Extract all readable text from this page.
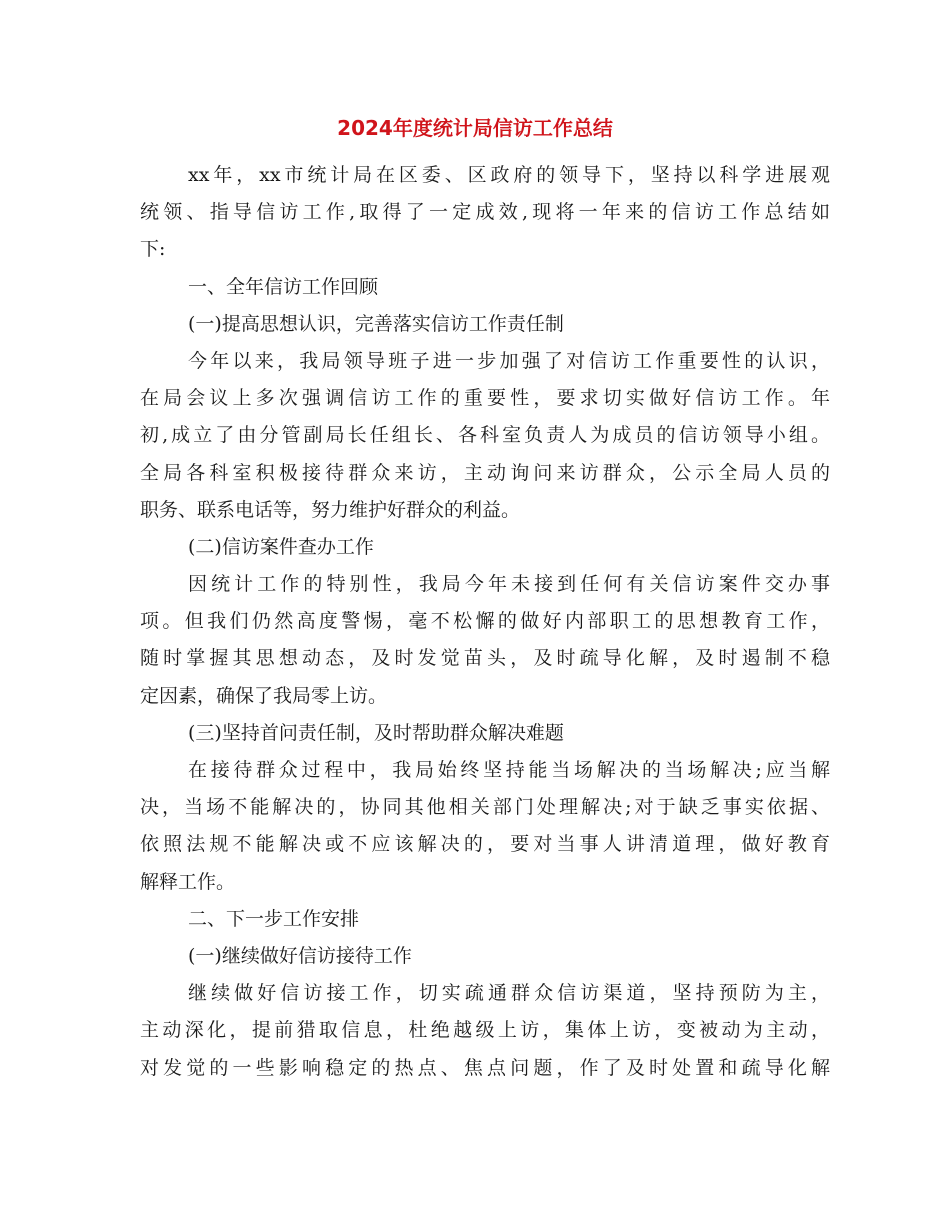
2024年度统计局信访工作总结
xx年，xx市统计局在区委、区政府的领导下，坚持以科学进展观
统领、指导信访工作,取得了一定成效,现将一年来的信访工作总结如
下:
一、全年信访工作回顾
(一)提高思想认识，完善落实信访工作责任制
今年以来，我局领导班子进一步加强了对信访工作重要性的认识，
在局会议上多次强调信访工作的重要性，要求切实做好信访工作。年
初,成立了由分管副局长任组长、各科室负责人为成员的信访领导小组。
全局各科室积极接待群众来访，主动询问来访群众，公示全局人员的
职务、联系电话等，努力维护好群众的利益。
(二)信访案件查办工作
因统计工作的特别性，我局今年未接到任何有关信访案件交办事
项。但我们仍然高度警惕，毫不松懈的做好内部职工的思想教育工作，
随时掌握其思想动态，及时发觉苗头，及时疏导化解，及时遏制不稳
定因素，确保了我局零上访。
(三)坚持首问责任制，及时帮助群众解决难题
在接待群众过程中，我局始终坚持能当场解决的当场解决;应当解
决，当场不能解决的，协同其他相关部门处理解决;对于缺乏事实依据、
依照法规不能解决或不应该解决的，要对当事人讲清道理，做好教育
解释工作。
二、下一步工作安排
(一)继续做好信访接待工作
继续做好信访接工作，切实疏通群众信访渠道，坚持预防为主，
主动深化，提前猎取信息，杜绝越级上访，集体上访，变被动为主动，
对发觉的一些影响稳定的热点、焦点问题，作了及时处置和疏导化解
